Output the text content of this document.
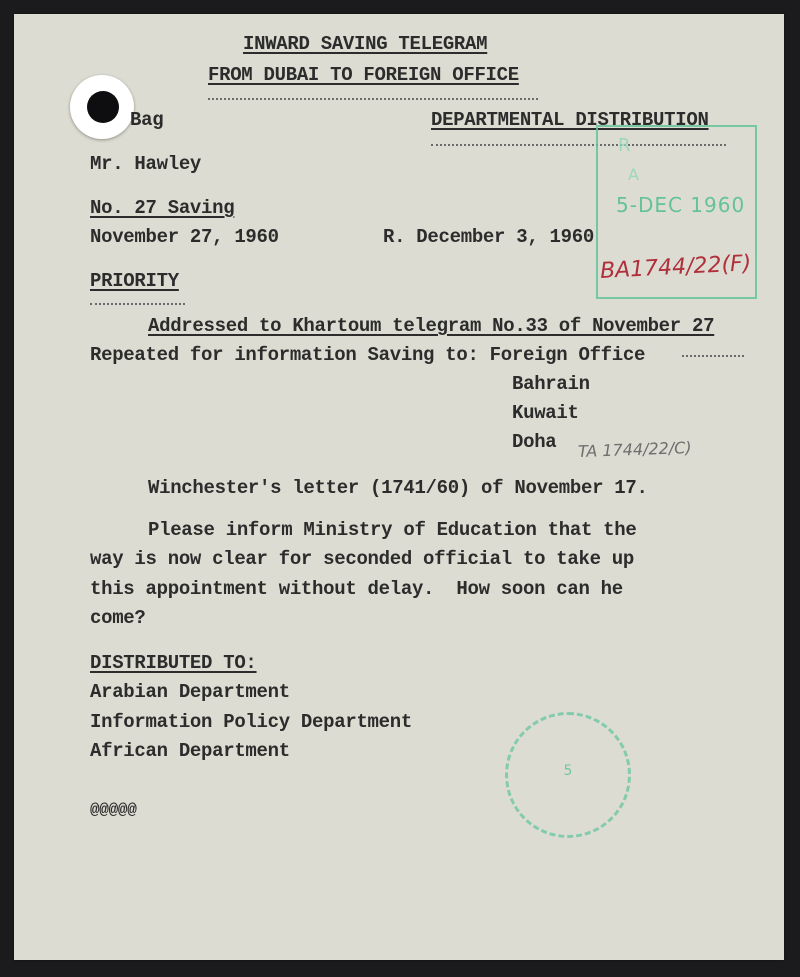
INWARD SAVING TELEGRAM
FROM DUBAI TO FOREIGN OFFICE
Bag	DEPARTMENTAL DISTRIBUTION
Mr. Hawley
No. 27 Saving
November 27, 1960	R. December 3, 1960
PRIORITY
Addressed to Khartoum telegram No.33 of November 27
Repeated for information Saving to: Foreign Office
Bahrain
Kuwait
Doha
Winchester's letter (1741/60) of November 17.
Please inform Ministry of Education that the
way is now clear for seconded official to take up
this appointment without delay.  How soon can he
come?
DISTRIBUTED TO:
Arabian Department
Information Policy Department
African Department
@@@@@
R
A
5-DEC 1960
BA1744/22(F)
TA 1744/22/C)
5
